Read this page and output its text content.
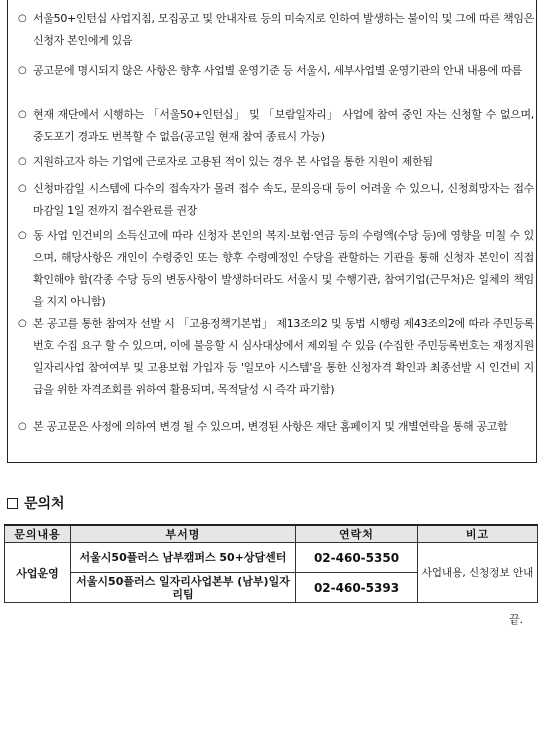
○ 서울50+인턴십 사업지침, 모집공고 및 안내자료 등의 미숙지로 인하여 발생하는 불이익 및 그에 따른 책임은 신청자 본인에게 있음
○ 공고문에 명시되지 않은 사항은 향후 사업별 운영기준 등 서울시, 세부사업별 운영기관의 안내 내용에 따름
○ 현재 재단에서 시행하는 「서울50+인턴십」 및 「보람일자리」 사업에 참여 중인 자는 신청할 수 없으며, 중도포기 경과도 번복할 수 없음(공고일 현재 참여 종료시 가능)
○ 지원하고자 하는 기업에 근로자로 고용된 적이 있는 경우 본 사업을 통한 지원이 제한됨
○ 신청마감일 시스템에 다수의 접속자가 몰려 접수 속도, 문의응대 등이 어려울 수 있으니, 신청희망자는 접수마감일 1일 전까지 접수완료를 권장
○ 동 사업 인건비의 소득신고에 따라 신청자 본인의 복지·보험·연금 등의 수령액(수당 등)에 영향을 미칠 수 있으며, 해당사항은 개인이 수령중인 또는 향후 수령예정인 수당을 관할하는 기관을 통해 신청자 본인이 직접 확인해야 함(각종 수당 등의 변동사항이 발생하더라도 서울시 및 수행기관, 참여기업(근무처)은 일체의 책임을 지지 아니함)
○ 본 공고를 통한 참여자 선발 시 「고용정책기본법」 제13조의2 및 동법 시행령 제43조의2에 따라 주민등록번호 수집 요구 할 수 있으며, 이에 불응할 시 심사대상에서 제외될 수 있음 (수집한 주민등록번호는 재정지원일자리사업 참여여부 및 고용보험 가입자 등 '일모아 시스템'을 통한 신청자격 확인과 최종선발 시 인건비 지급을 위한 자격조회를 위하여 활용되며, 목적달성 시 즉각 파기함)
○ 본 공고문은 사정에 의하여 변경 될 수 있으며, 변경된 사항은 재단 홈페이지 및 개별연락을 통해 공고함
문의처
문의내용	부서명	연락처	비고
사업운영	서울시50플러스 남부캠퍼스 50+상담센터	02-460-5350	사업내용, 신청정보 안내
	서울시50플러스 일자리사업본부 (남부)일자리팀	02-460-5393	
끝.
